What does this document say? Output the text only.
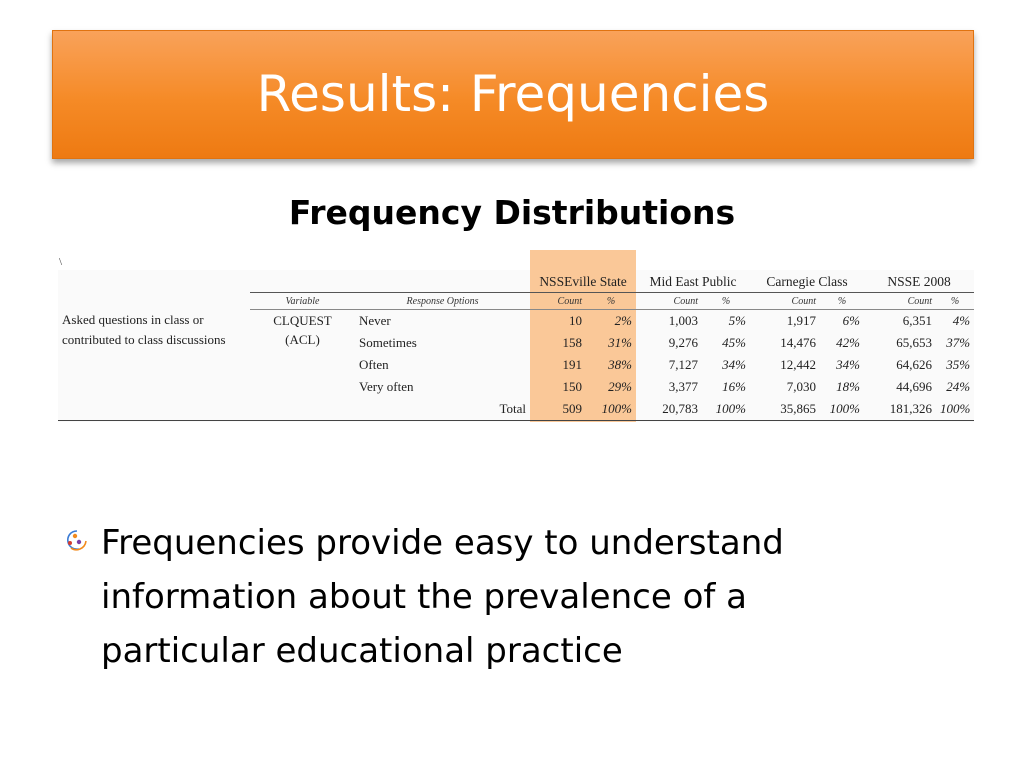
Results: Frequencies
Frequency Distributions
\
			NSSEville State		Mid East Public		Carnegie Class		NSSE 2008	
	Variable	Response Options	Count	%	Count	%	Count	%	Count	%
Asked questions in class or contributed to class discussions	CLQUEST	Never	10	2%	1,003	5%	1,917	6%	6,351	4%
	(ACL)	Sometimes	158	31%	9,276	45%	14,476	42%	65,653	37%
		Often	191	38%	7,127	34%	12,442	34%	64,626	35%
		Very often	150	29%	3,377	16%	7,030	18%	44,696	24%
		Total	509	100%	20,783	100%	35,865	100%	181,326	100%
Frequencies provide easy to understand information about the prevalence of a particular educational practice
